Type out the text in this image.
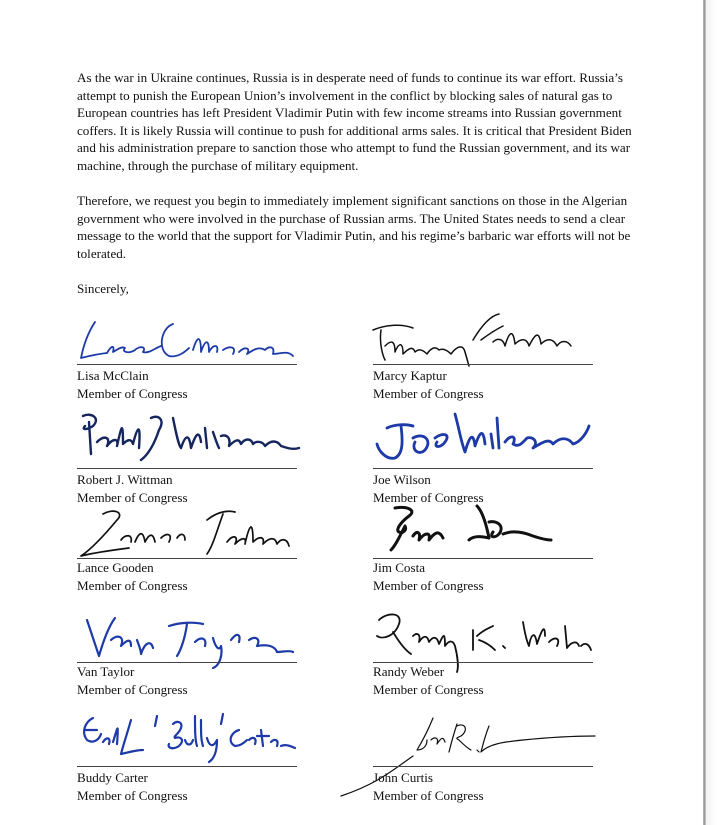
As the war in Ukraine continues, Russia is in desperate need of funds to continue its war effort. Russia’s attempt to punish the European Union’s involvement in the conflict by blocking sales of natural gas to European countries has left President Vladimir Putin with few income streams into Russian government coffers. It is likely Russia will continue to push for additional arms sales. It is critical that President Biden and his administration prepare to sanction those who attempt to fund the Russian government, and its war machine, through the purchase of military equipment.

Therefore, we request you begin to immediately implement significant sanctions on those in the Algerian government who were involved in the purchase of Russian arms. The United States needs to send a clear message to the world that the support for Vladimir Putin, and his regime’s barbaric war efforts will not be tolerated.

Sincerely,

Lisa McClain
Member of Congress
Marcy Kaptur
Member of Congress
Robert J. Wittman
Member of Congress
Joe Wilson
Member of Congress
Lance Gooden
Member of Congress
Jim Costa
Member of Congress
Van Taylor
Member of Congress
Randy Weber
Member of Congress
Buddy Carter
Member of Congress
John Curtis
Member of Congress
